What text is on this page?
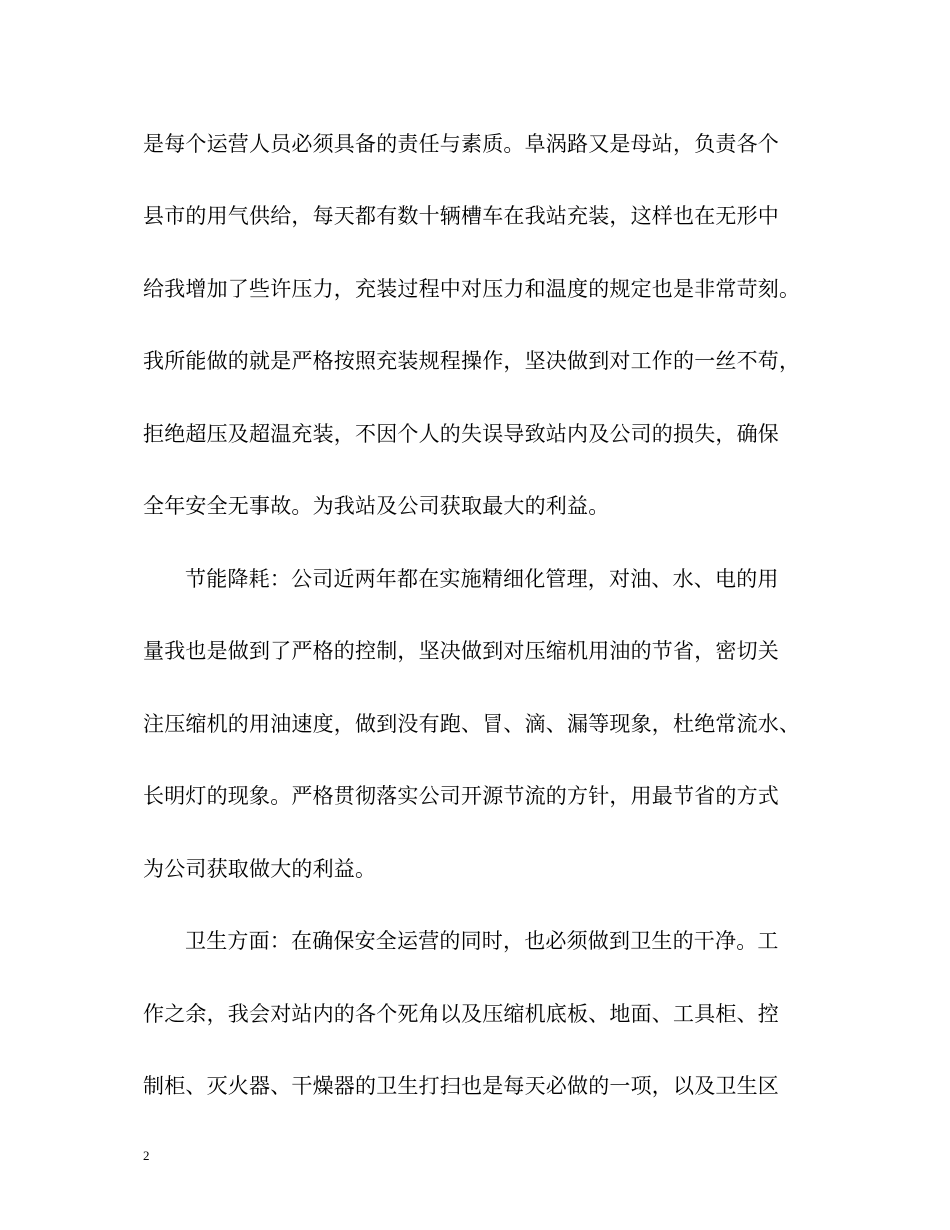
是每个运营人员必须具备的责任与素质。阜涡路又是母站，负责各个
县市的用气供给，每天都有数十辆槽车在我站充装，这样也在无形中
给我增加了些许压力，充装过程中对压力和温度的规定也是非常苛刻。
我所能做的就是严格按照充装规程操作，坚决做到对工作的一丝不苟，
拒绝超压及超温充装，不因个人的失误导致站内及公司的损失，确保
全年安全无事故。为我站及公司获取最大的利益。
节能降耗：公司近两年都在实施精细化管理，对油、水、电的用
量我也是做到了严格的控制，坚决做到对压缩机用油的节省，密切关
注压缩机的用油速度，做到没有跑、冒、滴、漏等现象，杜绝常流水、
长明灯的现象。严格贯彻落实公司开源节流的方针，用最节省的方式
为公司获取做大的利益。
卫生方面：在确保安全运营的同时，也必须做到卫生的干净。工
作之余，我会对站内的各个死角以及压缩机底板、地面、工具柜、控
制柜、灭火器、干燥器的卫生打扫也是每天必做的一项，以及卫生区
2
